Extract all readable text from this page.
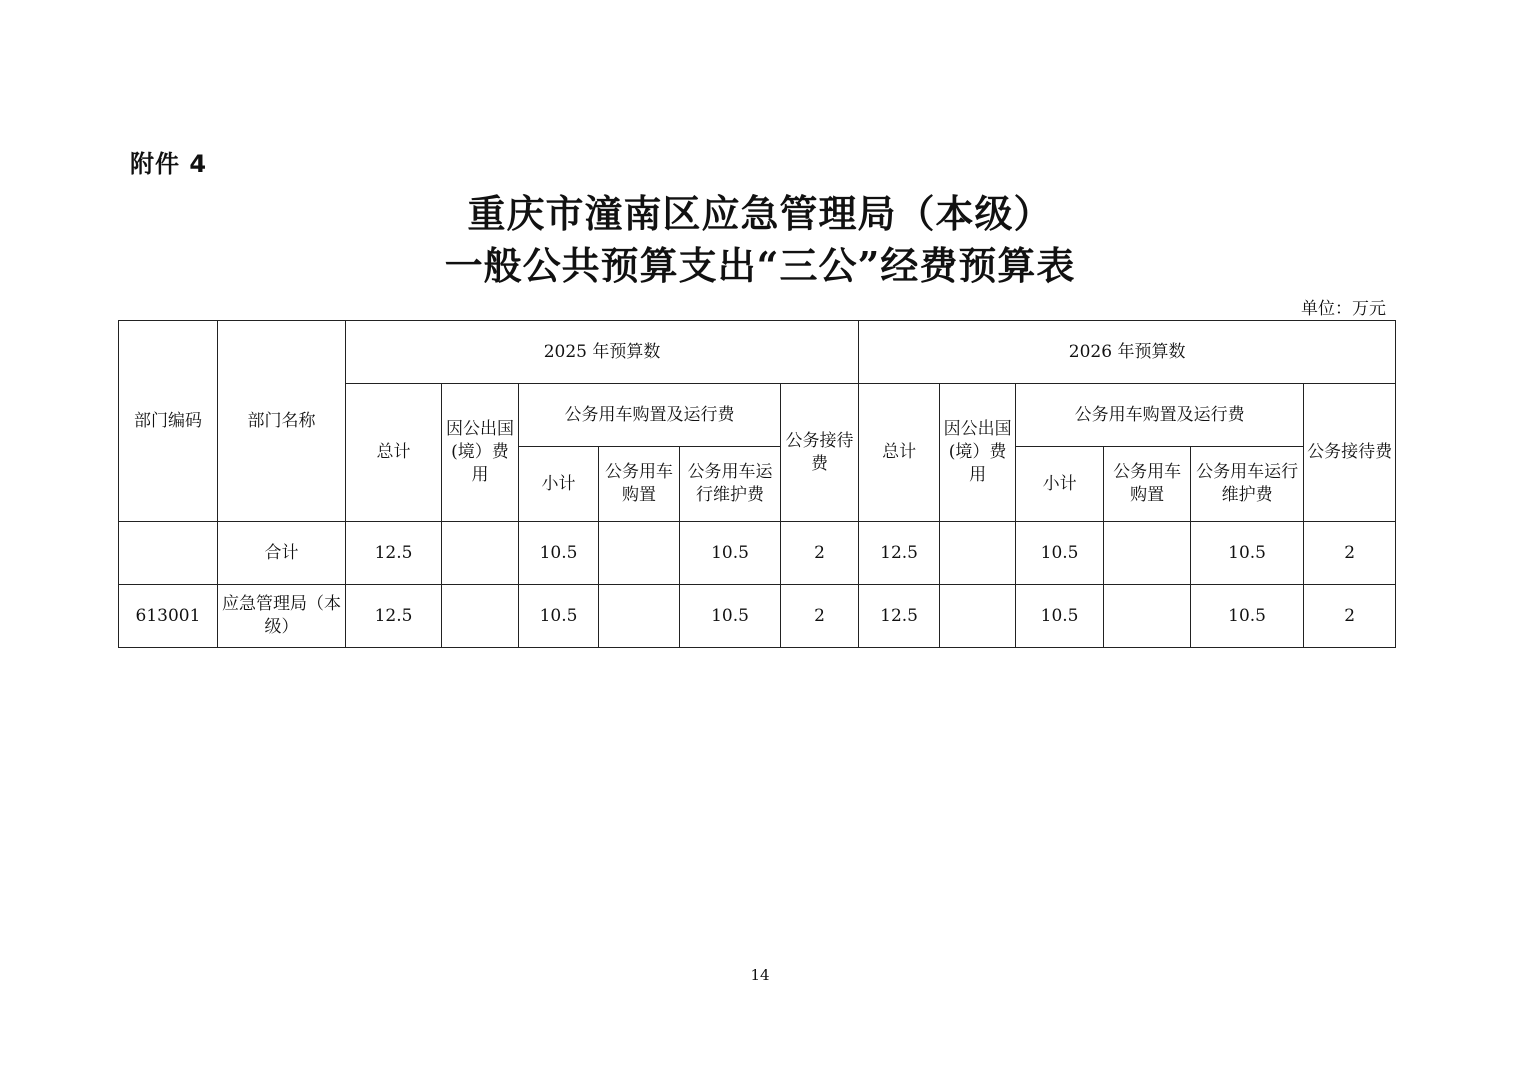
附件 4
重庆市潼南区应急管理局（本级）
一般公共预算支出“三公”经费预算表
单位：万元
部门编码	部门名称	2025 年预算数						2026 年预算数					
		总计	因公出国(境）费用	公务用车购置及运行费			公务接待费	总计	因公出国(境）费用	公务用车购置及运行费			公务接待费
				小计	公务用车购置	公务用车运行维护费				小计	公务用车购置	公务用车运行维护费	
	合计	12.5		10.5		10.5	2	12.5		10.5		10.5	2
613001	应急管理局（本级）	12.5		10.5		10.5	2	12.5		10.5		10.5	2
14
